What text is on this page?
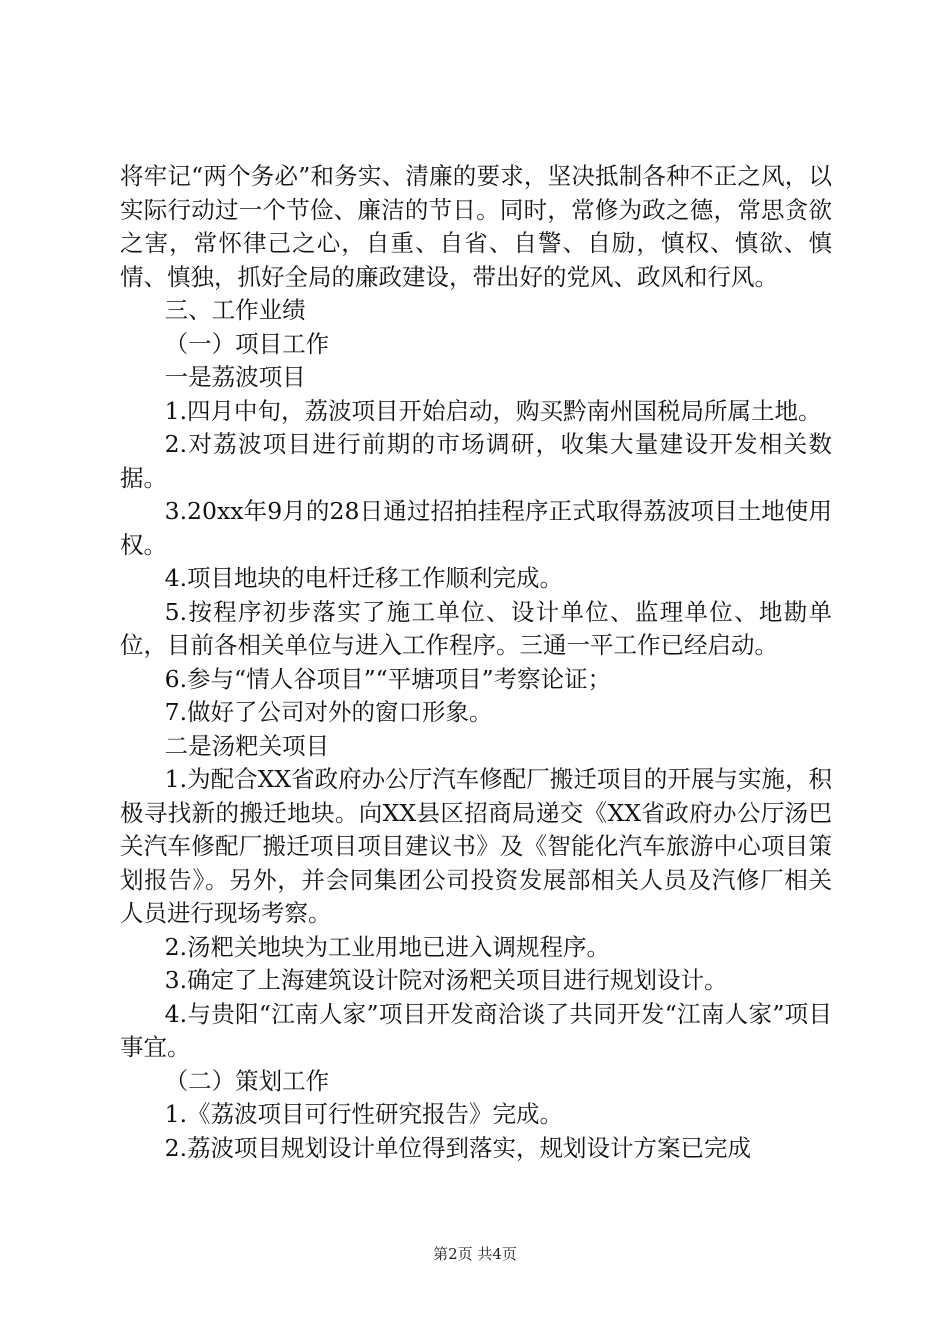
将牢记“两个务必”和务实、清廉的要求，坚决抵制各种不正之风，以实际行动过一个节俭、廉洁的节日。同时，常修为政之德，常思贪欲之害，常怀律己之心，自重、自省、自警、自励，慎权、慎欲、慎情、慎独，抓好全局的廉政建设，带出好的党风、政风和行风。

三、工作业绩

（一）项目工作

一是荔波项目

1.四月中旬，荔波项目开始启动，购买黔南州国税局所属土地。

2.对荔波项目进行前期的市场调研，收集大量建设开发相关数据。

3.20xx年9月的28日通过招拍挂程序正式取得荔波项目土地使用权。

4.项目地块的电杆迁移工作顺利完成。

5.按程序初步落实了施工单位、设计单位、监理单位、地勘单位，目前各相关单位与进入工作程序。三通一平工作已经启动。

6.参与“情人谷项目”“平塘项目”考察论证；

7.做好了公司对外的窗口形象。

二是汤粑关项目

1.为配合XX省政府办公厅汽车修配厂搬迁项目的开展与实施，积极寻找新的搬迁地块。向XX县区招商局递交《XX省政府办公厅汤巴关汽车修配厂搬迁项目项目建议书》及《智能化汽车旅游中心项目策划报告》。另外，并会同集团公司投资发展部相关人员及汽修厂相关人员进行现场考察。

2.汤粑关地块为工业用地已进入调规程序。

3.确定了上海建筑设计院对汤粑关项目进行规划设计。

4.与贵阳“江南人家”项目开发商洽谈了共同开发“江南人家”项目事宜。

（二）策划工作

1.《荔波项目可行性研究报告》完成。

2.荔波项目规划设计单位得到落实，规划设计方案已完成

第2页 共4页
